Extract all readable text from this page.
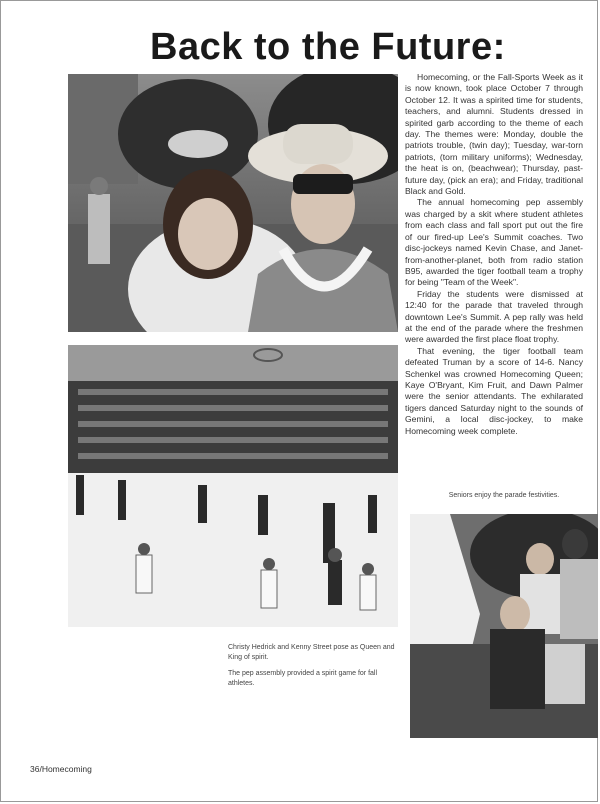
Back to the Future:

Homecoming, or the Fall-Sports Week as it is now known, took place October 7 through October 12. It was a spirited time for students, teachers, and alumni. Students dressed in spirited garb according to the theme of each day. The themes were: Monday, double the patriots trouble, (twin day); Tuesday, war-torn patriots, (torn military uniforms); Wednesday, the heat is on, (beachwear); Thursday, past-future day, (pick an era); and Friday, traditional Black and Gold.

The annual homecoming pep assembly was charged by a skit where student athletes from each class and fall sport put out the fire of our fired-up Lee's Summit coaches. Two disc-jockeys named Kevin Chase, and Janet-from-another-planet, both from radio station B95, awarded the tiger football team a trophy for being "Team of the Week".

Friday the students were dismissed at 12:40 for the parade that traveled through downtown Lee's Summit. A pep rally was held at the end of the parade where the freshmen were awarded the first place float trophy.

That evening, the tiger football team defeated Truman by a score of 14-6. Nancy Schenkel was crowned Homecoming Queen; Kaye O'Bryant, Kim Fruit, and Dawn Palmer were the senior attendants. The exhilarated tigers danced Saturday night to the sounds of Gemini, a local disc-jockey, to make Homecoming week complete.

Seniors enjoy the parade festivities.

Christy Hedrick and Kenny Street pose as Queen and King of spirit.

The pep assembly provided a spirit game for fall athletes.

36/Homecoming
